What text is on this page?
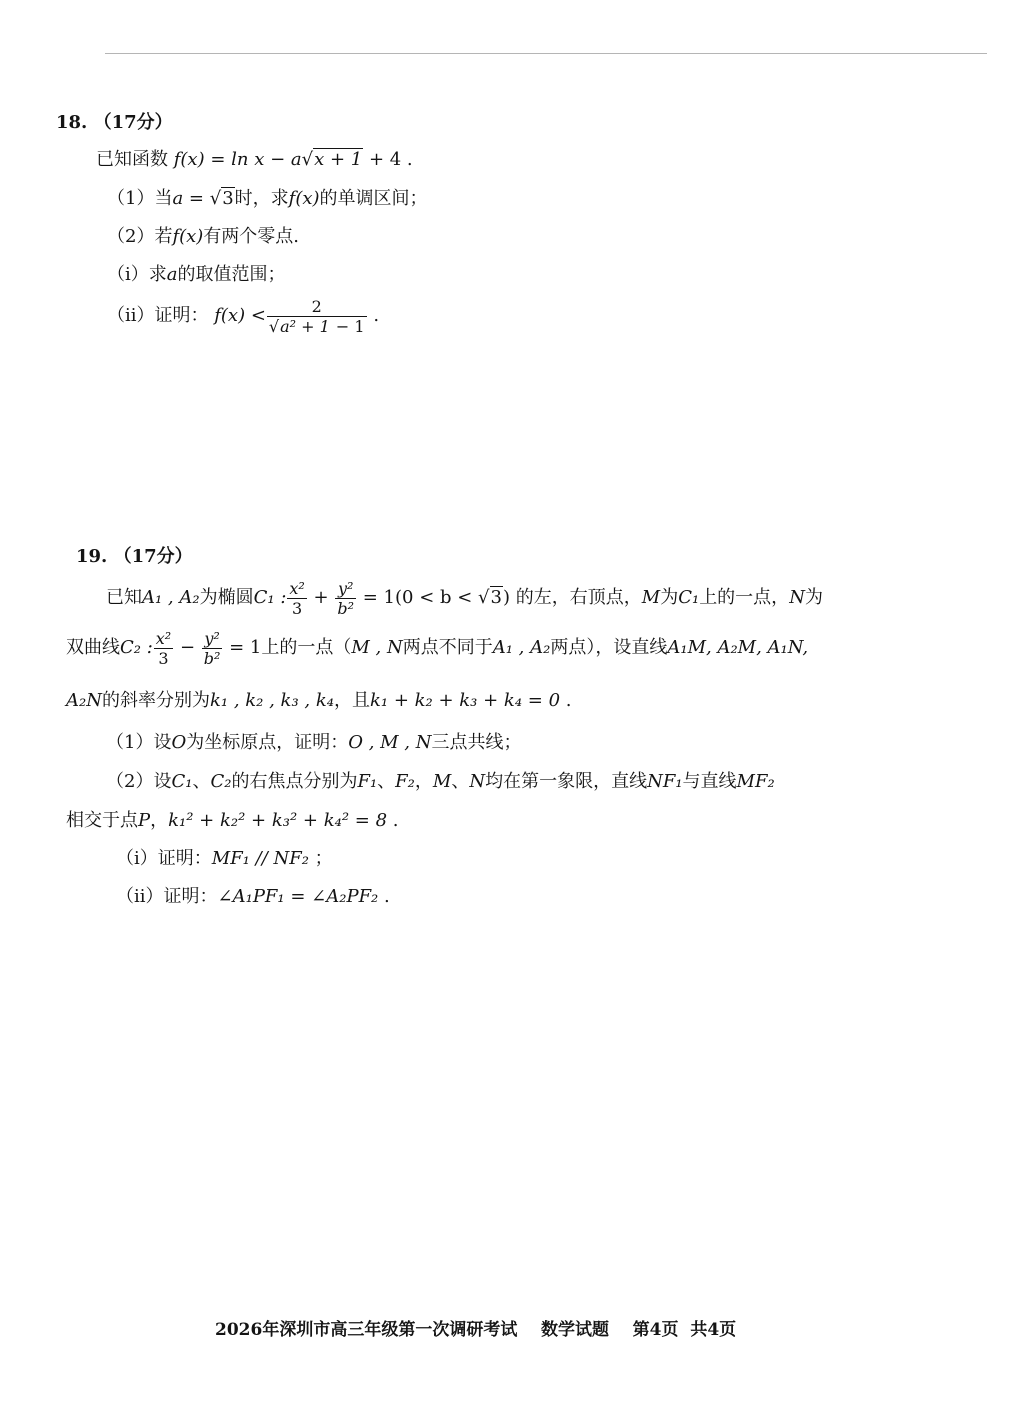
18. （17分）
已知函数 f(x) = ln x − a√x + 1 + 4 .
（1）当a = √3时，求f(x)的单调区间；
（2）若f(x)有两个零点.
（i）求a的取值范围；
（ii）证明： $f(x) < \frac{2}{\text{√a² + 1 − 1}}$ .
19. （17分）
已知A₁ , A₂为椭圆C₁ : $\frac{\text{x²}}{3} + \frac{\text{y²}}{\text{b²}} = 1(0 < b < √3)$ 的左，右顶点，M为C₁上的一点，N为
双曲线C₂ : $\frac{\text{x²}}{3} - \frac{\text{y²}}{\text{b²}} = 1$上的一点（M , N两点不同于A₁ , A₂两点），设直线A₁M, A₂M, A₁N,
A₂N的斜率分别为k₁ , k₂ , k₃ , k₄，且k₁ + k₂ + k₃ + k₄ = 0 .
（1）设O为坐标原点，证明：O , M , N三点共线；
（2）设C₁、C₂的右焦点分别为F₁、F₂，M、N均在第一象限，直线NF₁与直线MF₂
相交于点P，k₁² + k₂² + k₃² + k₄² = 8 .
（i）证明：MF₁ // NF₂ ；
（ii）证明：∠A₁PF₁ = ∠A₂PF₂ .
2026年深圳市高三年级第一次调研考试    数学试题    第4页  共4页
